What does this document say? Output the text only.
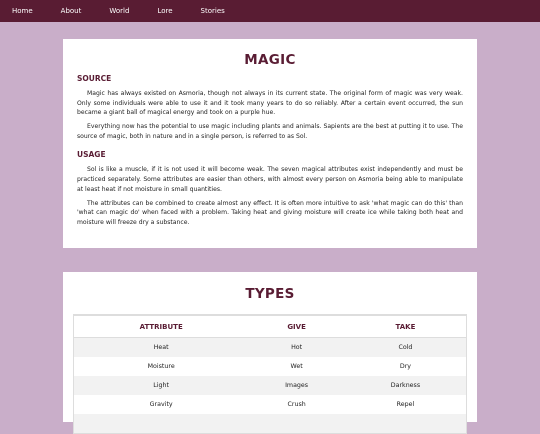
Home	About	World	Lore	Stories
MAGIC
SOURCE

Magic has always existed on Asmoria, though not always in its current state. The original form of magic was very weak. Only some individuals were able to use it and it took many years to do so reliably. After a certain event occurred, the sun became a giant ball of magical energy and took on a purple hue.

Everything now has the potential to use magic including plants and animals. Sapients are the best at putting it to use. The source of magic, both in nature and in a single person, is referred to as Sol.

USAGE

Sol is like a muscle, if it is not used it will become weak. The seven magical attributes exist independently and must be practiced separately. Some attributes are easier than others, with almost every person on Asmoria being able to manipulate at least heat if not moisture in small quantities.

The attributes can be combined to create almost any effect. It is often more intuitive to ask 'what magic can do this' than 'what can magic do' when faced with a problem. Taking heat and giving moisture will create ice while taking both heat and moisture will freeze dry a substance.

TYPES
ATTRIBUTE	GIVE	TAKE
Heat	Hot	Cold
Moisture	Wet	Dry
Light	Images	Darkness
Gravity	Crush	Repel
